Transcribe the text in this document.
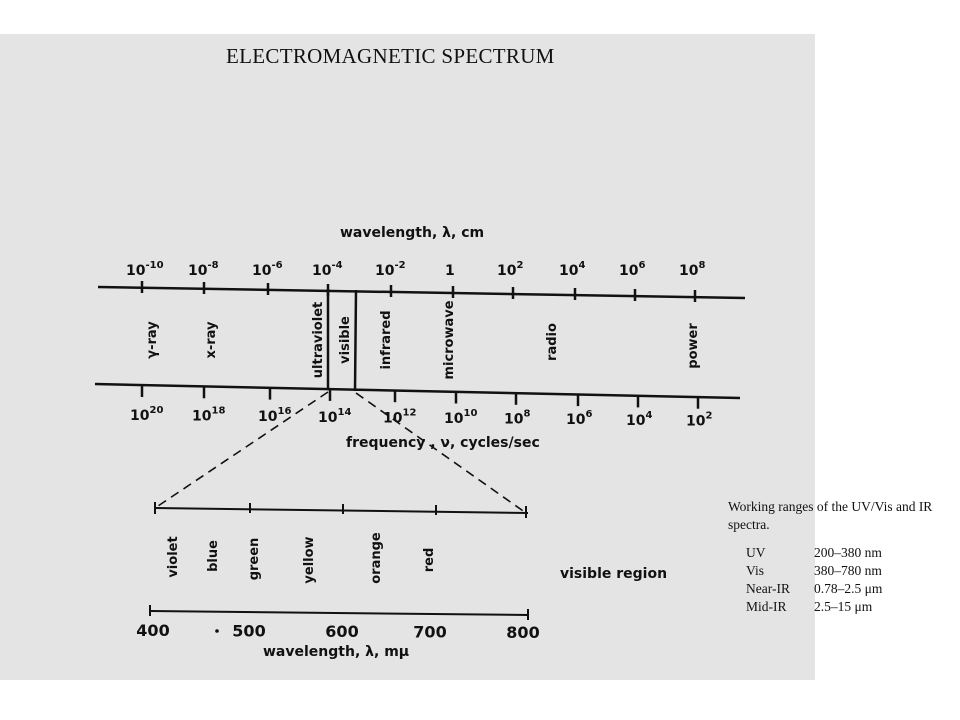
ELECTROMAGNETIC SPECTRUM
wavelength, λ, cm
$10^{-10}$ $10^{-8}$ $10^{-6}$ $10^{-4}$ $10^{-2}$	1	$10^2$	$10^4$ $10^6$ $10^8$
$10^{20}$ $10^{18}$ $10^{16}$ $10^{14}$ $10^{12}$ $10^{10}$ $10^8$	$10^6$ $10^4$ $10^2$
frequency , ν, cycles/sec
γ-ray	x-ray	ultraviolet visible infrared	microwave	radio	power
violet blue green	yellow	orange	red
visible region
400	500	600	700	800
wavelength, λ, mμ

Working ranges of the UV/Vis and IR spectra.

UV	200–380 nm
Vis	380–780 nm
Near-IR	0.78–2.5 μm
Mid-IR	2.5–15 μm
